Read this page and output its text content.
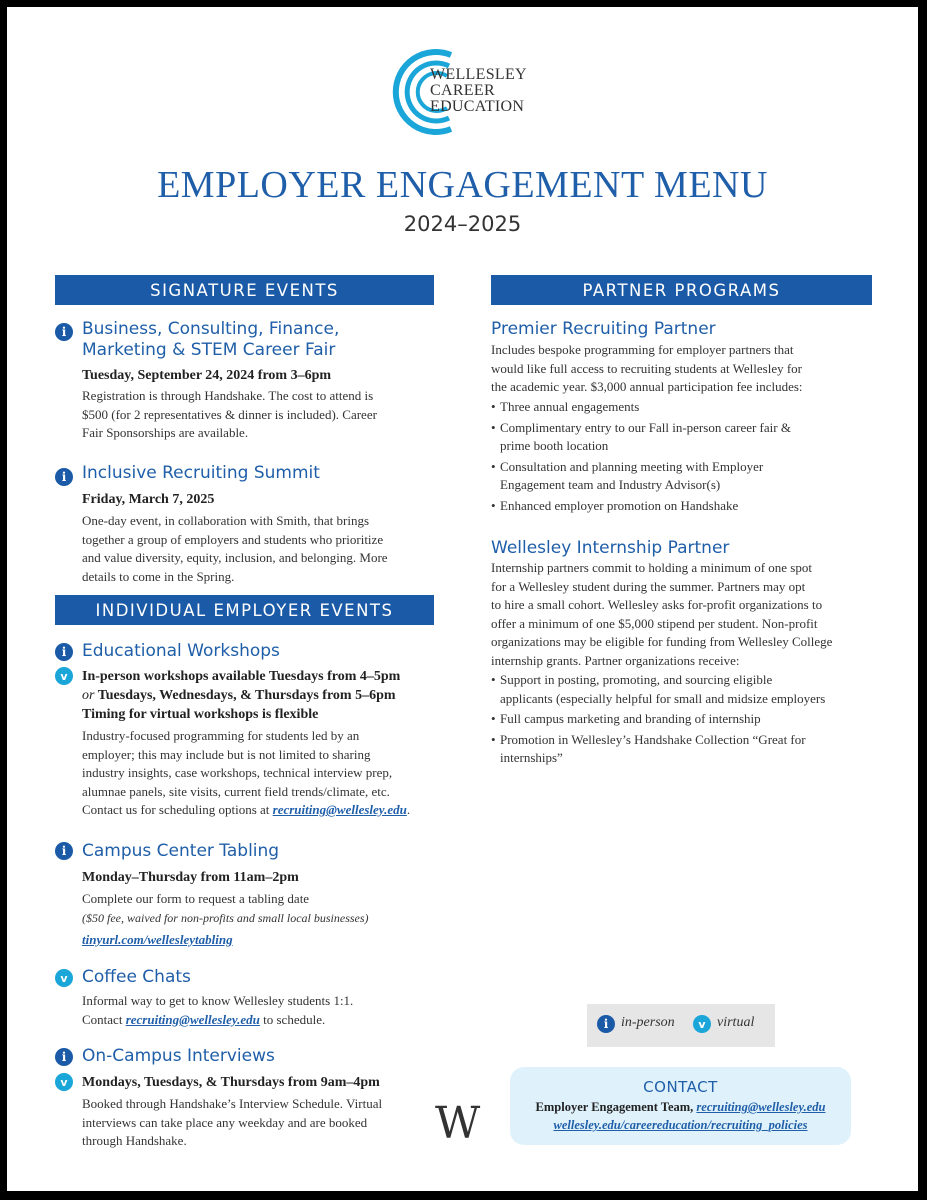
WELLESLEY
CAREER
EDUCATION
EMPLOYER ENGAGEMENT MENU
2024–2025
SIGNATURE EVENTS
i Business, Consulting, Finance,
Marketing & STEM Career Fair
Tuesday, September 24, 2024 from 3–6pm
Registration is through Handshake. The cost to attend is
$500 (for 2 representatives & dinner is included). Career
Fair Sponsorships are available.
i Inclusive Recruiting Summit
Friday, March 7, 2025
One-day event, in collaboration with Smith, that brings
together a group of employers and students who prioritize
and value diversity, equity, inclusion, and belonging. More
details to come in the Spring.
INDIVIDUAL EMPLOYER EVENTS
i Educational Workshops
v	In-person workshops available Tuesdays from 4–5pm
or Tuesdays, Wednesdays, & Thursdays from 5–6pm
Timing for virtual workshops is flexible
Industry-focused programming for students led by an
employer; this may include but is not limited to sharing
industry insights, case workshops, technical interview prep,
alumnae panels, site visits, current field trends/climate, etc.
Contact us for scheduling options at recruiting@wellesley.edu.
i Campus Center Tabling
Monday–Thursday from 11am–2pm
Complete our form to request a tabling date
($50 fee, waived for non-profits and small local businesses)
tinyurl.com/wellesleytabling
v Coffee Chats
Informal way to get to know Wellesley students 1:1.
Contact recruiting@wellesley.edu to schedule.
i On-Campus Interviews
v	Mondays, Tuesdays, & Thursdays from 9am–4pm
Booked through Handshake’s Interview Schedule. Virtual
interviews can take place any weekday and are booked
through Handshake.
PARTNER PROGRAMS
Premier Recruiting Partner
Includes bespoke programming for employer partners that
would like full access to recruiting students at Wellesley for
the academic year. $3,000 annual participation fee includes:
• Three annual engagements
• Complimentary entry to our Fall in-person career fair &
prime booth location
• Consultation and planning meeting with Employer
Engagement team and Industry Advisor(s)
• Enhanced employer promotion on Handshake
Wellesley Internship Partner
Internship partners commit to holding a minimum of one spot
for a Wellesley student during the summer. Partners may opt
to hire a small cohort. Wellesley asks for-profit organizations to
offer a minimum of one $5,000 stipend per student. Non-profit
organizations may be eligible for funding from Wellesley College
internship grants. Partner organizations receive:
• Support in posting, promoting, and sourcing eligible
applicants (especially helpful for small and midsize employers
• Full campus marketing and branding of internship
• Promotion in Wellesley’s Handshake Collection “Great for
internships”
i in-person	v virtual
W
CONTACT
Employer Engagement Team, recruiting@wellesley.edu
wellesley.edu/careereducation/recruiting_policies
